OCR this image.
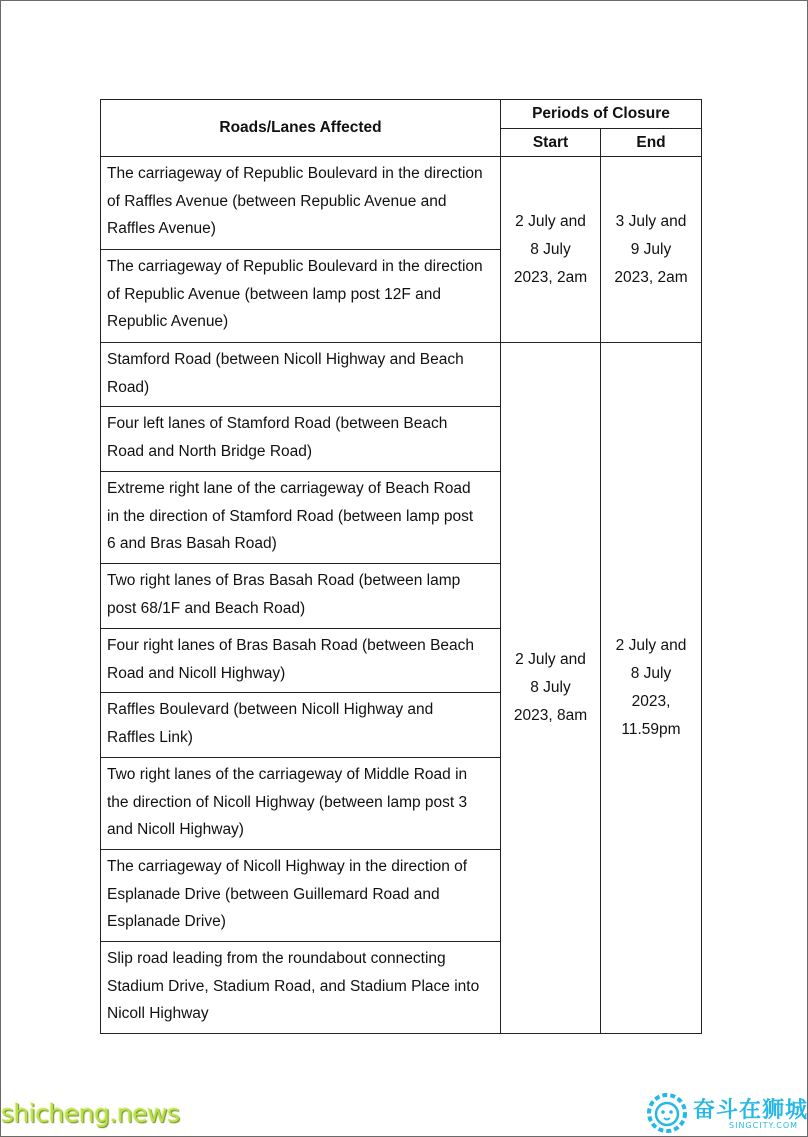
Roads/Lanes Affected	Periods of Closure	
	Start	End

The carriageway of Republic Boulevard in the direction
of Raffles Avenue (between Republic Avenue and
Raffles Avenue)	2 July and
8 July
2023, 2am	3 July and
9 July
2023, 2am

The carriageway of Republic Boulevard in the direction
of Republic Avenue (between lamp post 12F and
Republic Avenue)		

Stamford Road (between Nicoll Highway and Beach
Road)	2 July and
8 July
2023, 8am	2 July and
8 July
2023,
11.59pm

Four left lanes of Stamford Road (between Beach
Road and North Bridge Road)		

Extreme right lane of the carriageway of Beach Road
in the direction of Stamford Road (between lamp post
6 and Bras Basah Road)		

Two right lanes of Bras Basah Road (between lamp
post 68/1F and Beach Road)		

Four right lanes of Bras Basah Road (between Beach
Road and Nicoll Highway)		

Raffles Boulevard (between Nicoll Highway and
Raffles Link)		

Two right lanes of the carriageway of Middle Road in
the direction of Nicoll Highway (between lamp post 3
and Nicoll Highway)		

The carriageway of Nicoll Highway in the direction of
Esplanade Drive (between Guillemard Road and
Esplanade Drive)		

Slip road leading from the roundabout connecting
Stadium Drive, Stadium Road, and Stadium Place into
Nicoll Highway		
shicheng.news	奋斗在狮城
SINGCITY.COM
